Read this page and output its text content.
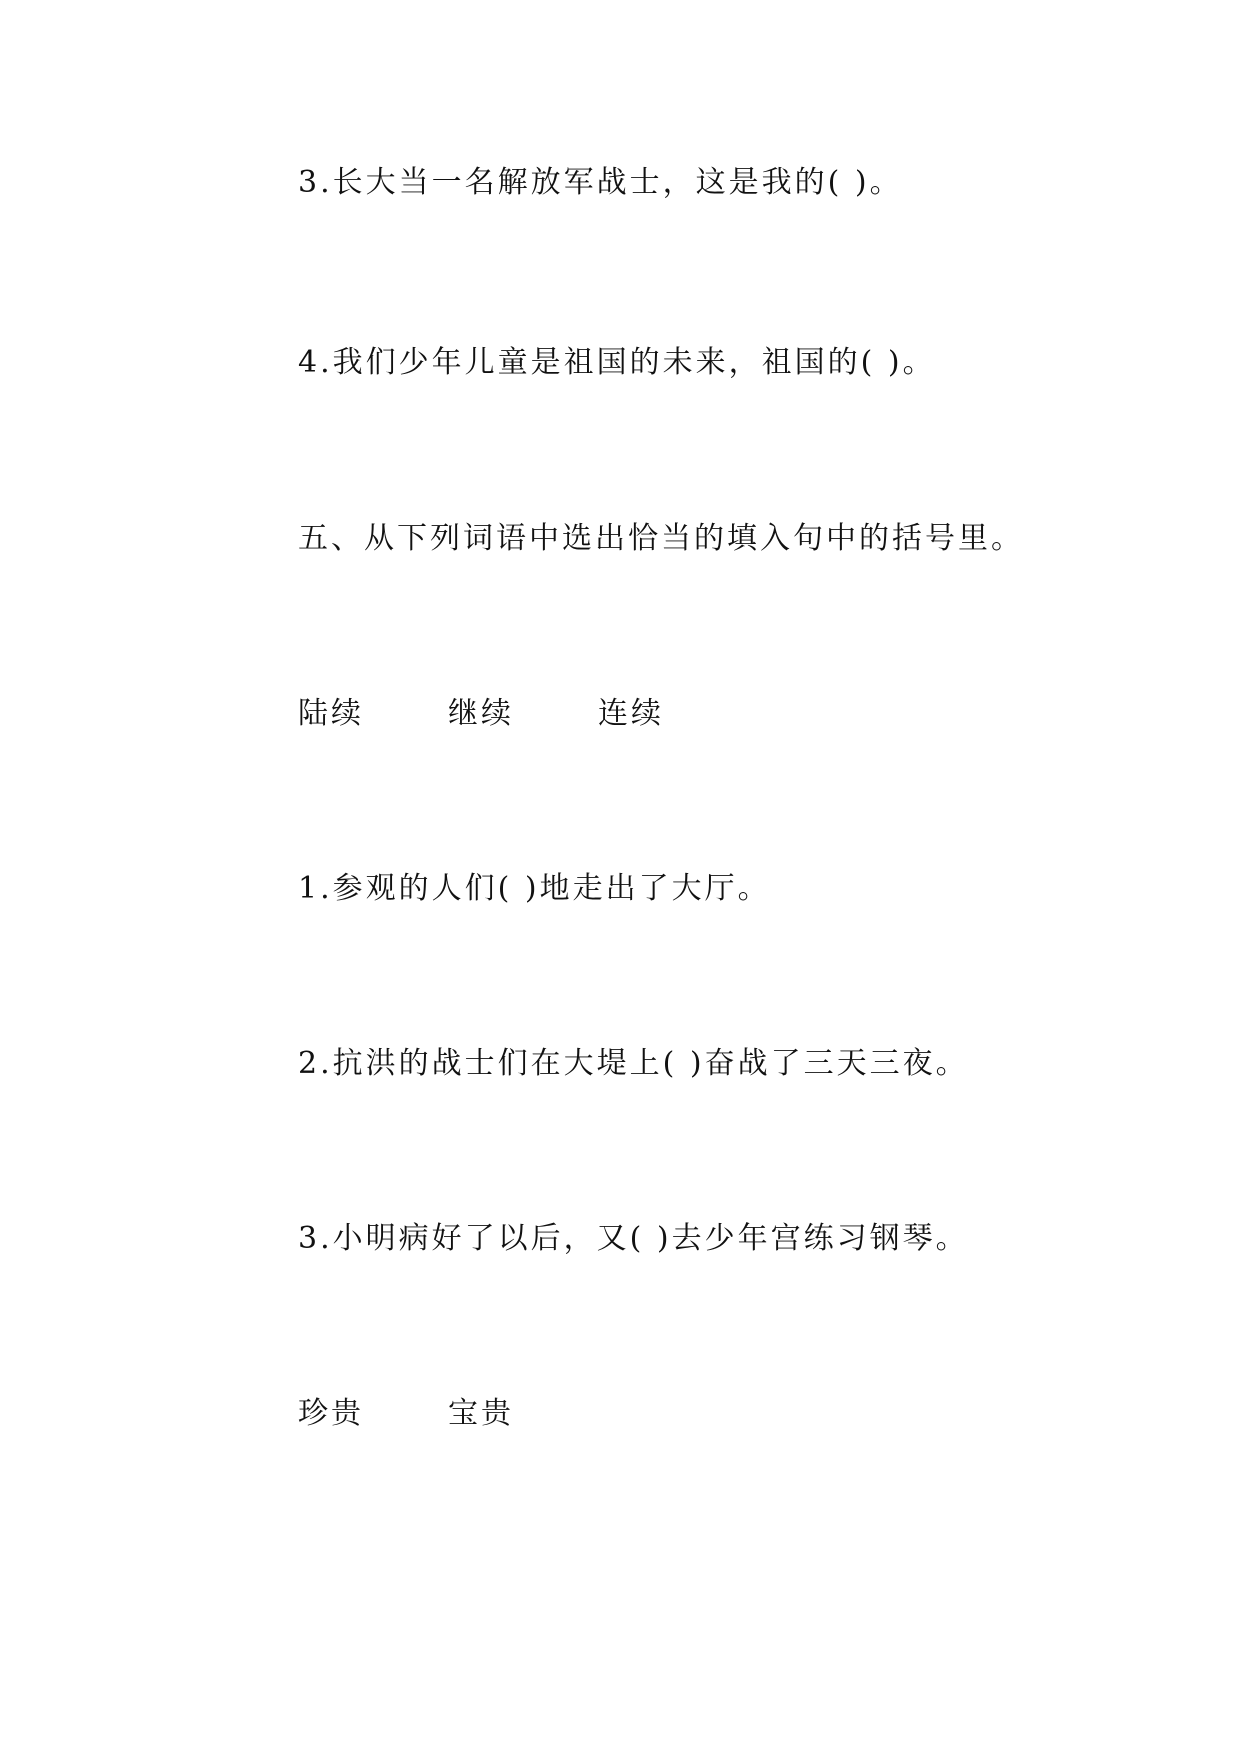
3.长大当一名解放军战士，这是我的( )。
4.我们少年儿童是祖国的未来，祖国的( )。
五、从下列词语中选出恰当的填入句中的括号里。
陆续	继续	连续
1.参观的人们( )地走出了大厅。
2.抗洪的战士们在大堤上( )奋战了三天三夜。
3.小明病好了以后，又( )去少年宫练习钢琴。
珍贵	宝贵
